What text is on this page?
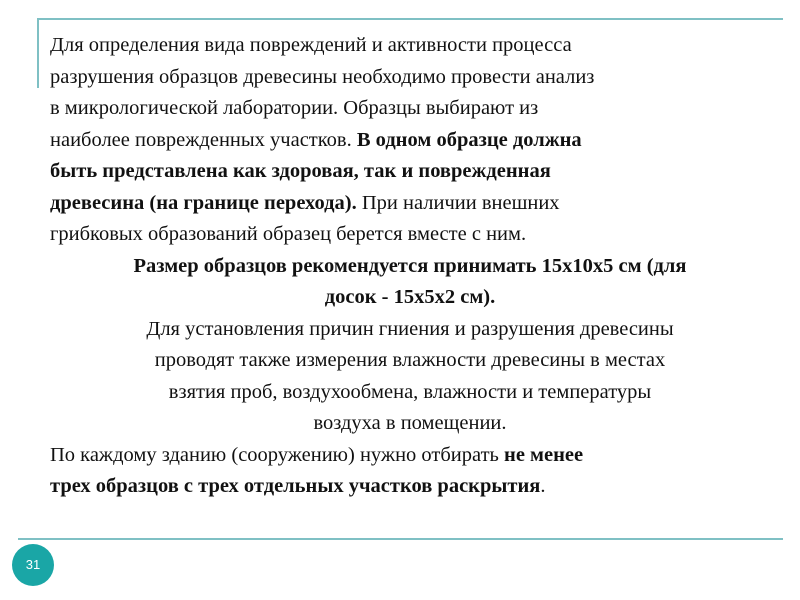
Для определения вида повреждений и активности процесса
разрушения образцов древесины необходимо провести анализ
в микрологической лаборатории. Образцы выбирают из
наиболее поврежденных участков. В одном образце должна
быть представлена как здоровая, так и поврежденная
древесина (на границе перехода). При наличии внешних
грибковых образований образец берется вместе с ним.

Размер образцов рекомендуется принимать 15х10х5 см (для
досок - 15х5х2 см).

Для установления причин гниения и разрушения древесины
проводят также измерения влажности древесины в местах
взятия проб, воздухообмена, влажности и температуры
воздуха в помещении.

По каждому зданию (сооружению) нужно отбирать не менее
трех образцов с трех отдельных участков раскрытия.

31
